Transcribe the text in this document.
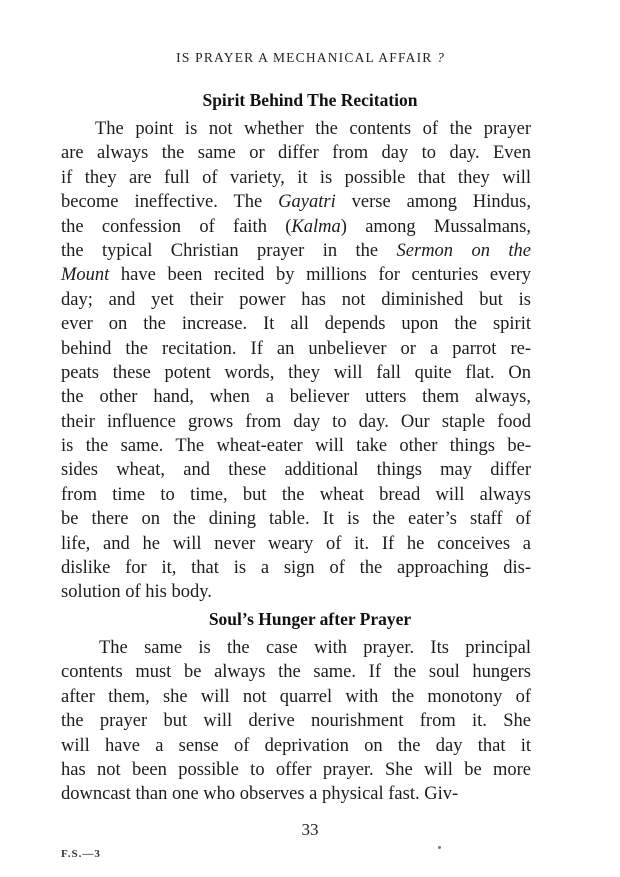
IS PRAYER A MECHANICAL AFFAIR ?
Spirit Behind The Recitation
The point is not whether the contents of the prayer
are always the same or differ from day to day. Even
if they are full of variety, it is possible that they will
become ineffective. The Gayatri verse among Hindus,
the confession of faith (Kalma) among Mussalmans,
the typical Christian prayer in the Sermon on the
Mount have been recited by millions for centuries every
day; and yet their power has not diminished but is
ever on the increase. It all depends upon the spirit
behind the recitation. If an unbeliever or a parrot re-
peats these potent words, they will fall quite flat. On
the other hand, when a believer utters them always,
their influence grows from day to day. Our staple food
is the same. The wheat-eater will take other things be-
sides wheat, and these additional things may differ
from time to time, but the wheat bread will always
be there on the dining table. It is the eater’s staff of
life, and he will never weary of it. If he conceives a
dislike for it, that is a sign of the approaching dis-
solution of his body.
Soul’s Hunger after Prayer
The same is the case with prayer. Its principal
contents must be always the same. If the soul hungers
after them, she will not quarrel with the monotony of
the prayer but will derive nourishment from it. She
will have a sense of deprivation on the day that it
has not been possible to offer prayer. She will be more
downcast than one who observes a physical fast. Giv-
33
F.S.—3
